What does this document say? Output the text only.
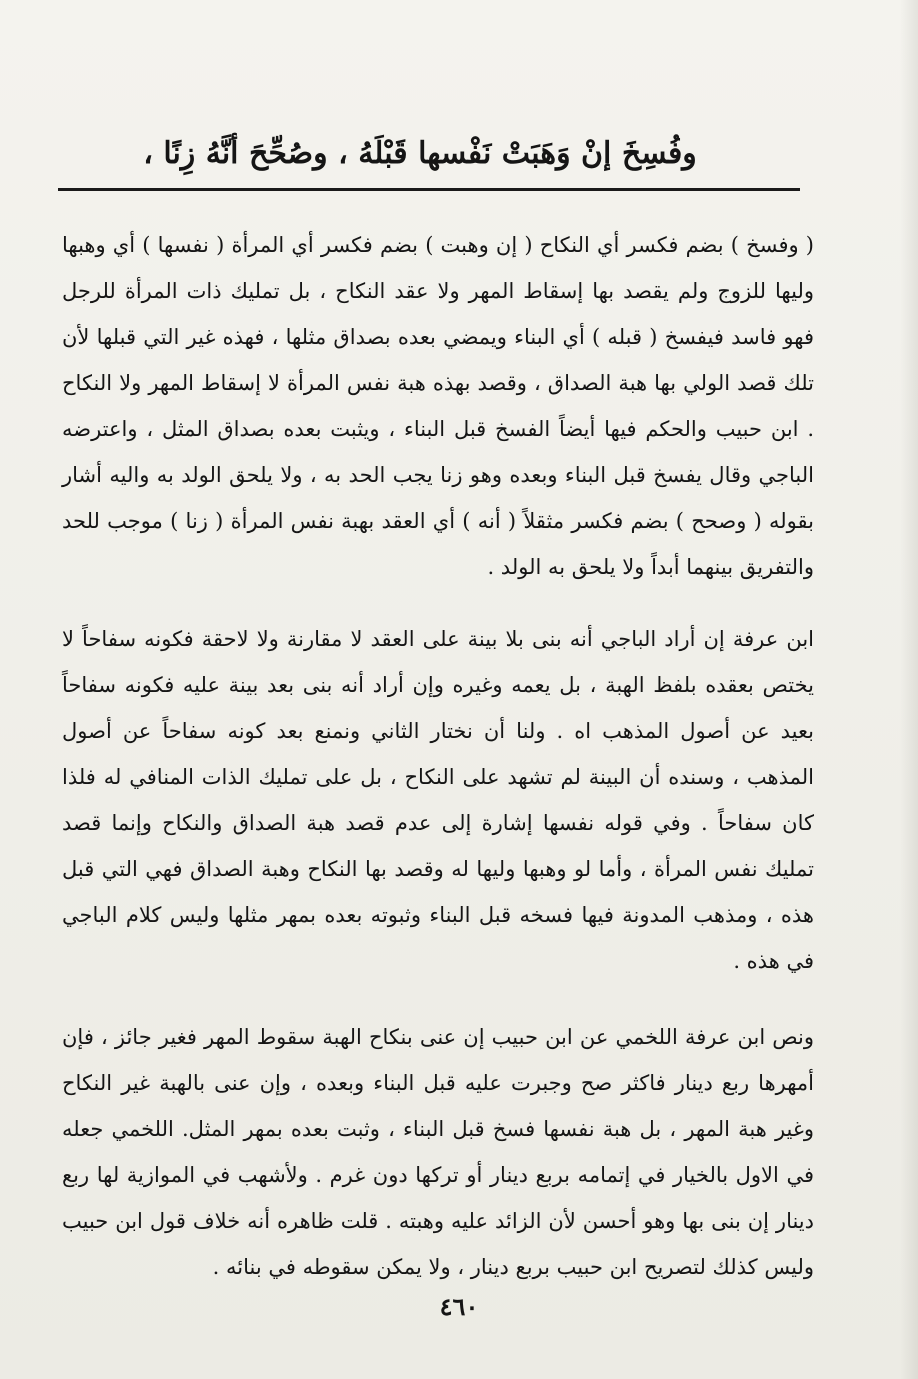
وفُسِخَ إنْ وَهَبَتْ نَفْسها قَبْلَهُ ، وصُحِّحَ أنَّهُ زِنًا ،

( وفسخ ) بضم فكسر أي النكاح ( إن وهبت ) بضم فكسر أي المرأة ( نفسها ) أي وهبها وليها للزوج ولم يقصد بها إسقاط المهر ولا عقد النكاح ، بل تمليك ذات المرأة للرجل فهو فاسد فيفسخ ( قبله ) أي البناء ويمضي بعده بصداق مثلها ، فهذه غير التي قبلها لأن تلك قصد الولي بها هبة الصداق ، وقصد بهذه هبة نفس المرأة لا إسقاط المهر ولا النكاح . ابن حبيب والحكم فيها أيضاً الفسخ قبل البناء ، ويثبت بعده بصداق المثل ، واعترضه الباجي وقال يفسخ قبل البناء وبعده وهو زنا يجب الحد به ، ولا يلحق الولد به واليه أشار بقوله ( وصحح ) بضم فكسر مثقلاً ( أنه ) أي العقد بهبة نفس المرأة ( زنا ) موجب للحد والتفريق بينهما أبداً ولا يلحق به الولد .

ابن عرفة إن أراد الباجي أنه بنى بلا بينة على العقد لا مقارنة ولا لاحقة فكونه سفاحاً لا يختص بعقده بلفظ الهبة ، بل يعمه وغيره وإن أراد أنه بنى بعد بينة عليه فكونه سفاحاً بعيد عن أصول المذهب اه . ولنا أن نختار الثاني ونمنع بعد كونه سفاحاً عن أصول المذهب ، وسنده أن البينة لم تشهد على النكاح ، بل على تمليك الذات المنافي له فلذا كان سفاحاً . وفي قوله نفسها إشارة إلى عدم قصد هبة الصداق والنكاح وإنما قصد تمليك نفس المرأة ، وأما لو وهبها وليها له وقصد بها النكاح وهبة الصداق فهي التي قبل هذه ، ومذهب المدونة فيها فسخه قبل البناء وثبوته بعده بمهر مثلها وليس كلام الباجي في هذه .

ونص ابن عرفة اللخمي عن ابن حبيب إن عنى بنكاح الهبة سقوط المهر فغير جائز ، فإن أمهرها ربع دينار فاكثر صح وجبرت عليه قبل البناء وبعده ، وإن عنى بالهبة غير النكاح وغير هبة المهر ، بل هبة نفسها فسخ قبل البناء ، وثبت بعده بمهر المثل. اللخمي جعله في الاول بالخيار في إتمامه بربع دينار أو تركها دون غرم . ولأشهب في الموازية لها ربع دينار إن بنى بها وهو أحسن لأن الزائد عليه وهبته . قلت ظاهره أنه خلاف قول ابن حبيب وليس كذلك لتصريح ابن حبيب بربع دينار ، ولا يمكن سقوطه في بنائه .

٤٦٠
